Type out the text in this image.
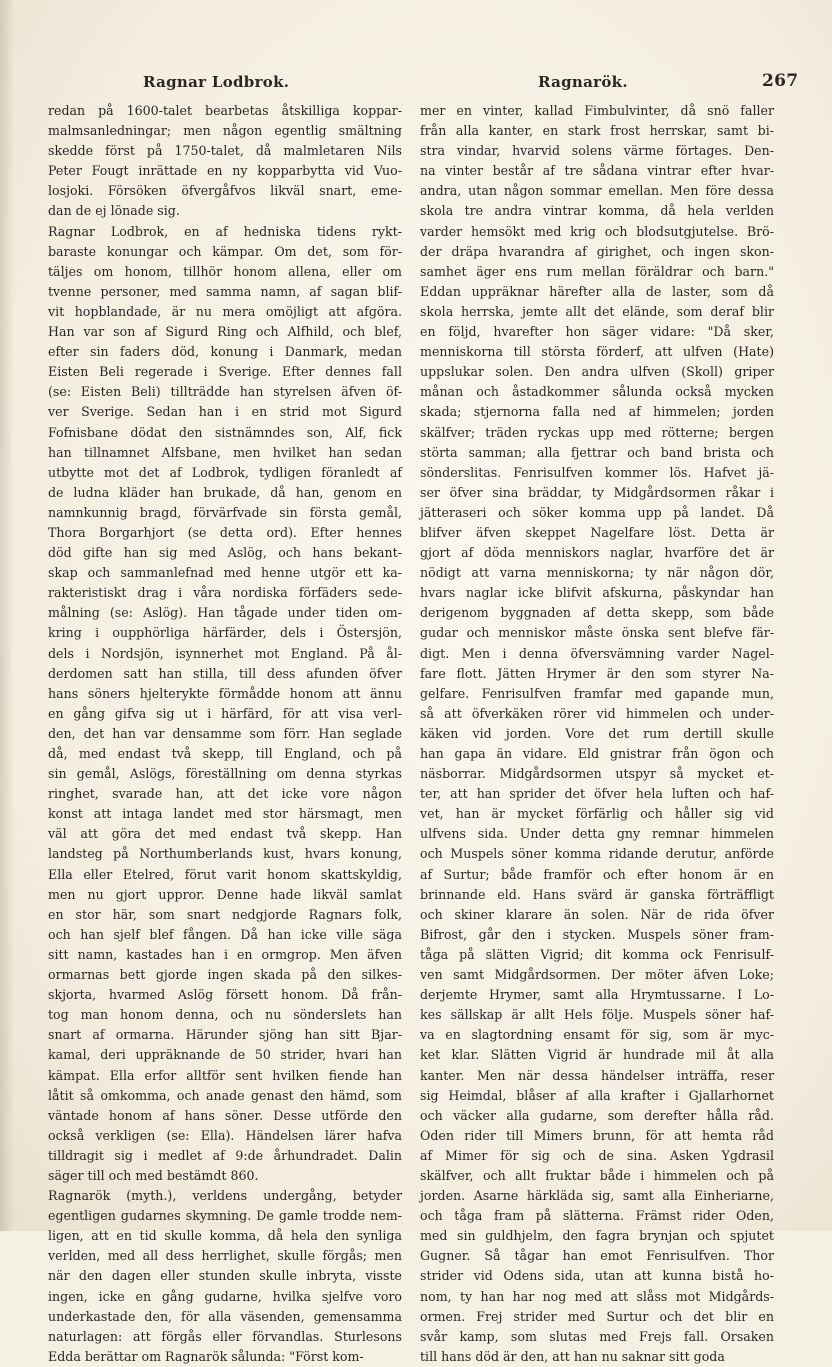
Ragnar Lodbrok.	Ragnarök.	267
redan på 1600-talet bearbetas åtskilliga koppar-
malmsanledningar; men någon egentlig smältning
skedde först på 1750-talet, då malmletaren Nils
Peter Fougt inrättade en ny kopparbytta vid Vuo-
losjoki. Försöken öfvergåfvos likväl snart, eme-
dan de ej lönade sig.
Ragnar Lodbrok, en af hedniska tidens rykt-
baraste konungar och kämpar. Om det, som för-
täljes om honom, tillhör honom allena, eller om
tvenne personer, med samma namn, af sagan blif-
vit hopblandade, är nu mera omöjligt att afgöra.
Han var son af Sigurd Ring och Alfhild, och blef,
efter sin faders död, konung i Danmark, medan
Eisten Beli regerade i Sverige. Efter dennes fall
(se: Eisten Beli) tillträdde han styrelsen äfven öf-
ver Sverige. Sedan han i en strid mot Sigurd
Fofnisbane dödat den sistnämndes son, Alf, fick
han tillnamnet Alfsbane, men hvilket han sedan
utbytte mot det af Lodbrok, tydligen föranledt af
de ludna kläder han brukade, då han, genom en
namnkunnig bragd, förvärfvade sin första gemål,
Thora Borgarhjort (se detta ord). Efter hennes
död gifte han sig med Aslög, och hans bekant-
skap och sammanlefnad med henne utgör ett ka-
rakteristiskt drag i våra nordiska förfäders sede-
målning (se: Aslög). Han tågade under tiden om-
kring i oupphörliga härfärder, dels i Östersjön,
dels i Nordsjön, isynnerhet mot England. På ål-
derdomen satt han stilla, till dess afunden öfver
hans söners hjelterykte förmådde honom att ännu
en gång gifva sig ut i härfärd, för att visa verl-
den, det han var densamme som förr. Han seglade
då, med endast två skepp, till England, och på
sin gemål, Aslögs, föreställning om denna styrkas
ringhet, svarade han, att det icke vore någon
konst att intaga landet med stor härsmagt, men
väl att göra det med endast två skepp. Han
landsteg på Northumberlands kust, hvars konung,
Ella eller Etelred, förut varit honom skattskyldig,
men nu gjort uppror. Denne hade likväl samlat
en stor här, som snart nedgjorde Ragnars folk,
och han sjelf blef fången. Då han icke ville säga
sitt namn, kastades han i en ormgrop. Men äfven
ormarnas bett gjorde ingen skada på den silkes-
skjorta, hvarmed Aslög försett honom. Då från-
tog man honom denna, och nu sönderslets han
snart af ormarna. Härunder sjöng han sitt Bjar-
kamal, deri uppräknande de 50 strider, hvari han
kämpat. Ella erfor alltför sent hvilken fiende han
låtit så omkomma, och anade genast den hämd, som
väntade honom af hans söner. Desse utförde den
också verkligen (se: Ella). Händelsen lärer hafva
tilldragit sig i medlet af 9:de århundradet. Dalin
säger till och med bestämdt 860.
Ragnarök (myth.), verldens undergång, betyder
egentligen gudarnes skymning. De gamle trodde nem-
ligen, att en tid skulle komma, då hela den synliga
verlden, med all dess herrlighet, skulle förgås; men
när den dagen eller stunden skulle inbryta, visste
ingen, icke en gång gudarne, hvilka sjelfve voro
underkastade den, för alla väsenden, gemensamma
naturlagen: att förgås eller förvandlas. Sturlesons
Edda berättar om Ragnarök sålunda: "Först kom-
mer en vinter, kallad Fimbulvinter, då snö faller
från alla kanter, en stark frost herrskar, samt bi-
stra vindar, hvarvid solens värme förtages. Den-
na vinter består af tre sådana vintrar efter hvar-
andra, utan någon sommar emellan. Men före dessa
skola tre andra vintrar komma, då hela verlden
varder hemsökt med krig och blodsutgjutelse. Brö-
der dräpa hvarandra af girighet, och ingen skon-
samhet äger ens rum mellan föräldrar och barn."
Eddan uppräknar härefter alla de laster, som då
skola herrska, jemte allt det elände, som deraf blir
en följd, hvarefter hon säger vidare: "Då sker,
menniskorna till största förderf, att ulfven (Hate)
uppslukar solen. Den andra ulfven (Skoll) griper
månan och åstadkommer sålunda också mycken
skada; stjernorna falla ned af himmelen; jorden
skälfver; träden ryckas upp med rötterne; bergen
störta samman; alla fjettrar och band brista och
sönderslitas. Fenrisulfven kommer lös. Hafvet jä-
ser öfver sina bräddar, ty Midgårdsormen råkar i
jätteraseri och söker komma upp på landet. Då
blifver äfven skeppet Nagelfare löst. Detta är
gjort af döda menniskors naglar, hvarföre det är
nödigt att varna menniskorna; ty när någon dör,
hvars naglar icke blifvit afskurna, påskyndar han
derigenom byggnaden af detta skepp, som både
gudar och menniskor måste önska sent blefve fär-
digt. Men i denna öfversvämning varder Nagel-
fare flott. Jätten Hrymer är den som styrer Na-
gelfare. Fenrisulfven framfar med gapande mun,
så att öfverkäken rörer vid himmelen och under-
käken vid jorden. Vore det rum dertill skulle
han gapa än vidare. Eld gnistrar från ögon och
näsborrar. Midgårdsormen utspyr så mycket et-
ter, att han sprider det öfver hela luften och haf-
vet, han är mycket förfärlig och håller sig vid
ulfvens sida. Under detta gny remnar himmelen
och Muspels söner komma ridande derutur, anförde
af Surtur; både framför och efter honom är en
brinnande eld. Hans svärd är ganska förträffligt
och skiner klarare än solen. När de rida öfver
Bifrost, går den i stycken. Muspels söner fram-
tåga på slätten Vigrid; dit komma ock Fenrisulf-
ven samt Midgårdsormen. Der möter äfven Loke;
derjemte Hrymer, samt alla Hrymtussarne. I Lo-
kes sällskap är allt Hels följe. Muspels söner haf-
va en slagtordning ensamt för sig, som är myc-
ket klar. Slätten Vigrid är hundrade mil åt alla
kanter. Men när dessa händelser inträffa, reser
sig Heimdal, blåser af alla krafter i Gjallarhornet
och väcker alla gudarne, som derefter hålla råd.
Oden rider till Mimers brunn, för att hemta råd
af Mimer för sig och de sina. Asken Ygdrasil
skälfver, och allt fruktar både i himmelen och på
jorden. Asarne härkläda sig, samt alla Einheriarne,
och tåga fram på slätterna. Främst rider Oden,
med sin guldhjelm, den fagra brynjan och spjutet
Gugner. Så tågar han emot Fenrisulfven. Thor
strider vid Odens sida, utan att kunna bistå ho-
nom, ty han har nog med att slåss mot Midgårds-
ormen. Frej strider med Surtur och det blir en
svår kamp, som slutas med Frejs fall. Orsaken
till hans död är den, att han nu saknar sitt goda
